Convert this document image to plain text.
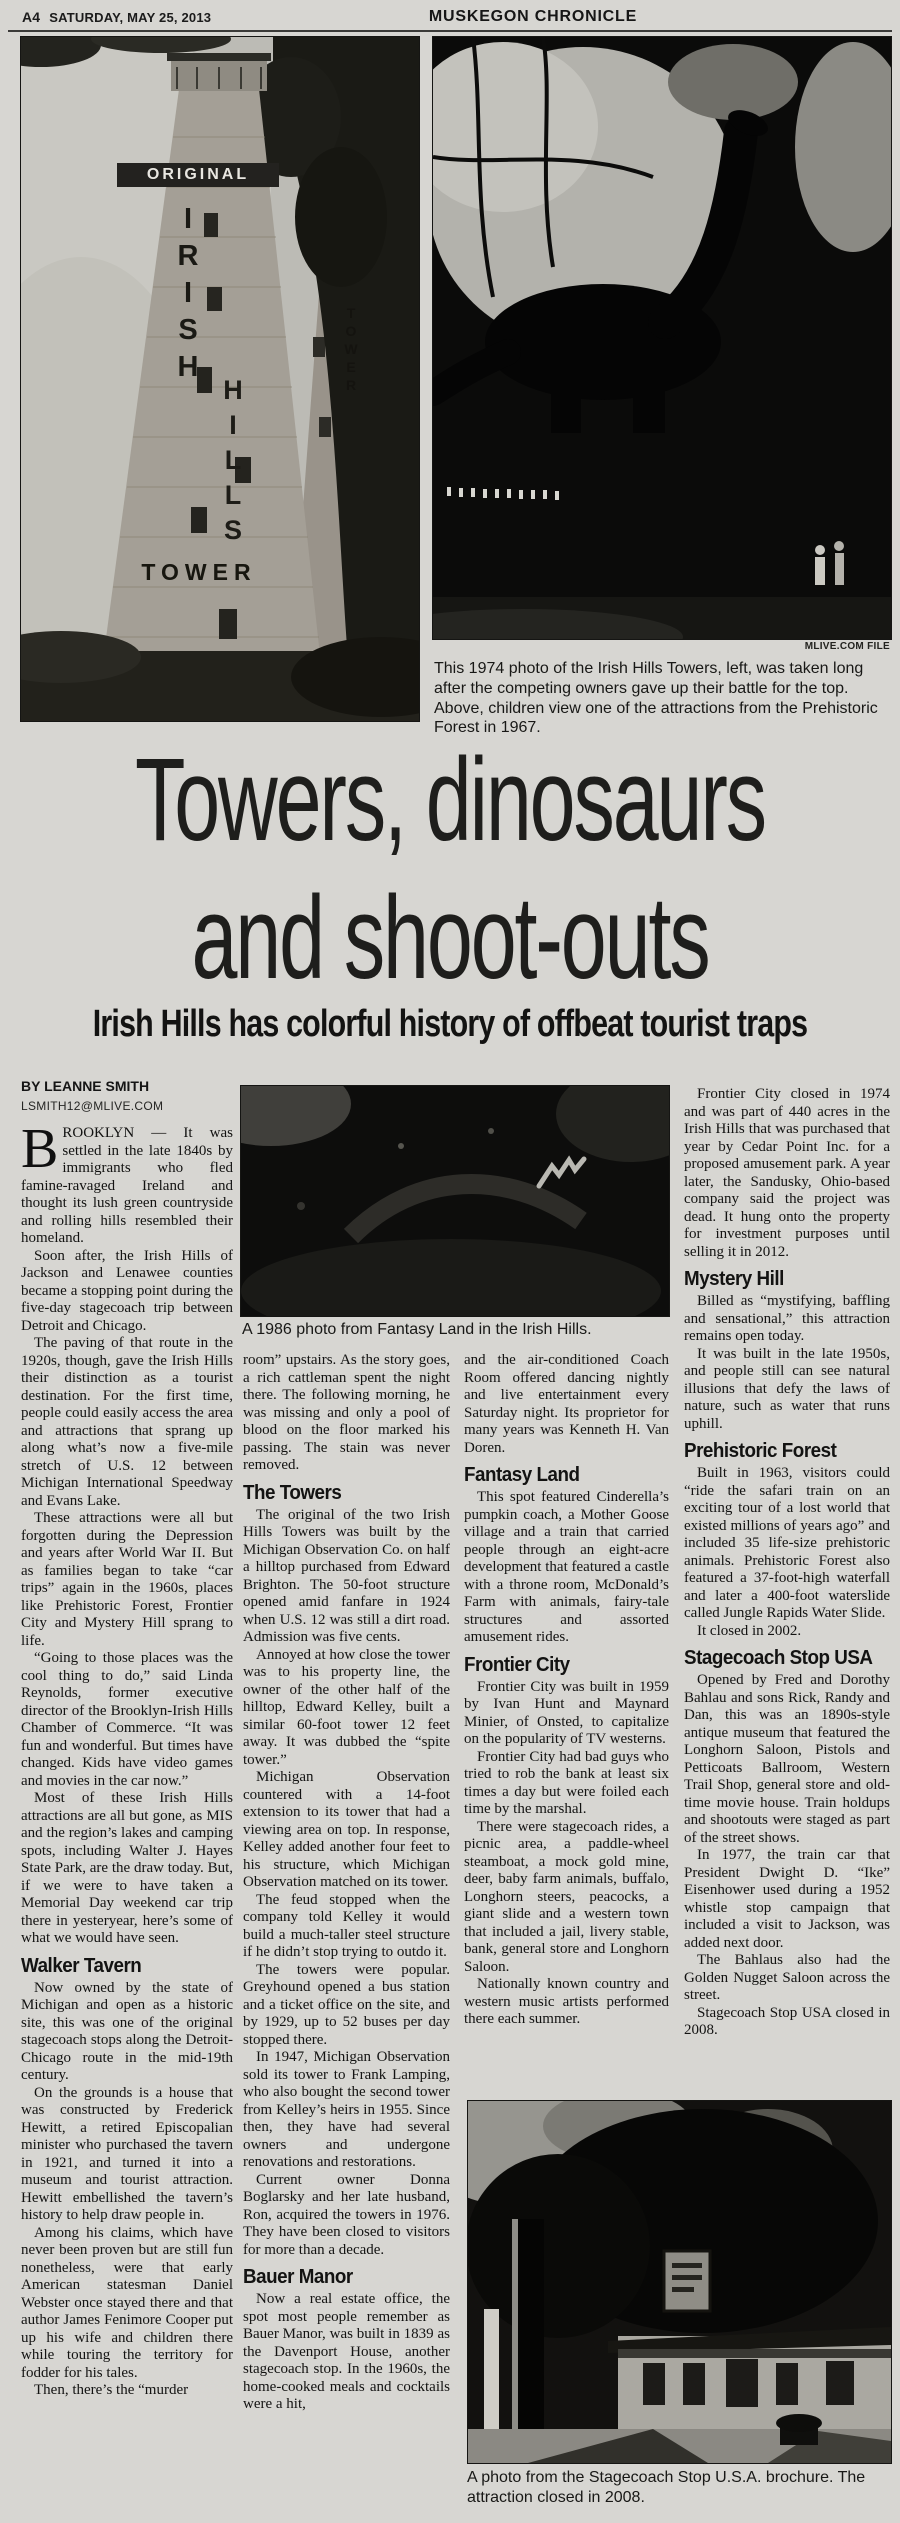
A4 SATURDAY, MAY 25, 2013	MUSKEGON CHRONICLE
ORIGINAL
IRISH
HILLS
TOWER
TOWER
MLIVE.COM FILE
This 1974 photo of the Irish Hills Towers, left, was taken long after the competing owners gave up their battle for the top. Above, children view one of the attractions from the Prehistoric Forest in 1967.
Towers, dinosaurs
and shoot-outs
Irish Hills has colorful history of offbeat tourist traps
A 1986 photo from Fantasy Land in the Irish Hills.
BY LEANNE SMITH
LSMITH12@MLIVE.COM

BROOKLYN — It was settled in the late 1840s by immigrants who fled famine-ravaged Ireland and thought its lush green countryside and rolling hills resembled their homeland.

Soon after, the Irish Hills of Jackson and Lenawee counties became a stopping point during the five-day stagecoach trip between Detroit and Chicago.

The paving of that route in the 1920s, though, gave the Irish Hills their distinction as a tourist destination. For the first time, people could easily access the area and attractions that sprang up along what’s now a five-mile stretch of U.S. 12 between Michigan International Speedway and Evans Lake.

These attractions were all but forgotten during the Depression and years after World War II. But as families began to take “car trips” again in the 1960s, places like Prehistoric Forest, Frontier City and Mystery Hill sprang to life.

“Going to those places was the cool thing to do,” said Linda Reynolds, former executive director of the Brooklyn-Irish Hills Chamber of Commerce. “It was fun and wonderful. But times have changed. Kids have video games and movies in the car now.”

Most of these Irish Hills attractions are all but gone, as MIS and the region’s lakes and camping spots, including Walter J. Hayes State Park, are the draw today. But, if we were to have taken a Memorial Day weekend car trip there in yesteryear, here’s some of what we would have seen.

Walker Tavern

Now owned by the state of Michigan and open as a historic site, this was one of the original stagecoach stops along the Detroit-Chicago route in the mid-19th century.

On the grounds is a house that was constructed by Frederick Hewitt, a retired Episcopalian minister who purchased the tavern in 1921, and turned it into a museum and tourist attraction. Hewitt embellished the tavern’s history to help draw people in.

Among his claims, which have never been proven but are still fun nonetheless, were that early American statesman Daniel Webster once stayed there and that author James Fenimore Cooper put up his wife and children there while touring the territory for fodder for his tales.

Then, there’s the “murder

room” upstairs. As the story goes, a rich cattleman spent the night there. The following morning, he was missing and only a pool of blood on the floor marked his passing. The stain was never removed.

The Towers

The original of the two Irish Hills Towers was built by the Michigan Observation Co. on half a hilltop purchased from Edward Brighton. The 50-foot structure opened amid fanfare in 1924 when U.S. 12 was still a dirt road. Admission was five cents.

Annoyed at how close the tower was to his property line, the owner of the other half of the hilltop, Edward Kelley, built a similar 60-foot tower 12 feet away. It was dubbed the “spite tower.”

Michigan Observation countered with a 14-foot extension to its tower that had a viewing area on top. In response, Kelley added another four feet to his structure, which Michigan Observation matched on its tower.

The feud stopped when the company told Kelley it would build a much-taller steel structure if he didn’t stop trying to outdo it.

The towers were popular. Greyhound opened a bus station and a ticket office on the site, and by 1929, up to 52 buses per day stopped there.

In 1947, Michigan Observation sold its tower to Frank Lamping, who also bought the second tower from Kelley’s heirs in 1955. Since then, they have had several owners and undergone renovations and restorations.

Current owner Donna Boglarsky and her late husband, Ron, acquired the towers in 1976. They have been closed to visitors for more than a decade.

Bauer Manor

Now a real estate office, the spot most people remember as Bauer Manor, was built in 1839 as the Davenport House, another stagecoach stop. In the 1960s, the home-cooked meals and cocktails were a hit,

and the air-conditioned Coach Room offered dancing nightly and live entertainment every Saturday night. Its proprietor for many years was Kenneth H. Van Doren.

Fantasy Land

This spot featured Cinderella’s pumpkin coach, a Mother Goose village and a train that carried people through an eight-acre development that featured a castle with a throne room, McDonald’s Farm with animals, fairy-tale structures and assorted amusement rides.

Frontier City

Frontier City was built in 1959 by Ivan Hunt and Maynard Minier, of Onsted, to capitalize on the popularity of TV westerns.

Frontier City had bad guys who tried to rob the bank at least six times a day but were foiled each time by the marshal.

There were stagecoach rides, a picnic area, a paddle-wheel steamboat, a mock gold mine, deer, baby farm animals, buffalo, Longhorn steers, peacocks, a giant slide and a western town that included a jail, livery stable, bank, general store and Longhorn Saloon.

Nationally known country and western music artists performed there each summer.

Frontier City closed in 1974 and was part of 440 acres in the Irish Hills that was purchased that year by Cedar Point Inc. for a proposed amusement park. A year later, the Sandusky, Ohio-based company said the project was dead. It hung onto the property for investment purposes until selling it in 2012.

Mystery Hill

Billed as “mystifying, baffling and sensational,” this attraction remains open today.

It was built in the late 1950s, and people still can see natural illusions that defy the laws of nature, such as water that runs uphill.

Prehistoric Forest

Built in 1963, visitors could “ride the safari train on an exciting tour of a lost world that existed millions of years ago” and included 35 life-size prehistoric animals. Prehistoric Forest also featured a 37-foot-high waterfall and later a 400-foot waterslide called Jungle Rapids Water Slide.

It closed in 2002.

Stagecoach Stop USA

Opened by Fred and Dorothy Bahlau and sons Rick, Randy and Dan, this was an 1890s-style antique museum that featured the Longhorn Saloon, Pistols and Petticoats Ballroom, Western Trail Shop, general store and old-time movie house. Train holdups and shootouts were staged as part of the street shows.

In 1977, the train car that President Dwight D. “Ike” Eisenhower used during a 1952 whistle stop campaign that included a visit to Jackson, was added next door.

The Bahlaus also had the Golden Nugget Saloon across the street.

Stagecoach Stop USA closed in 2008.

A photo from the Stagecoach Stop U.S.A. brochure. The attraction closed in 2008.
